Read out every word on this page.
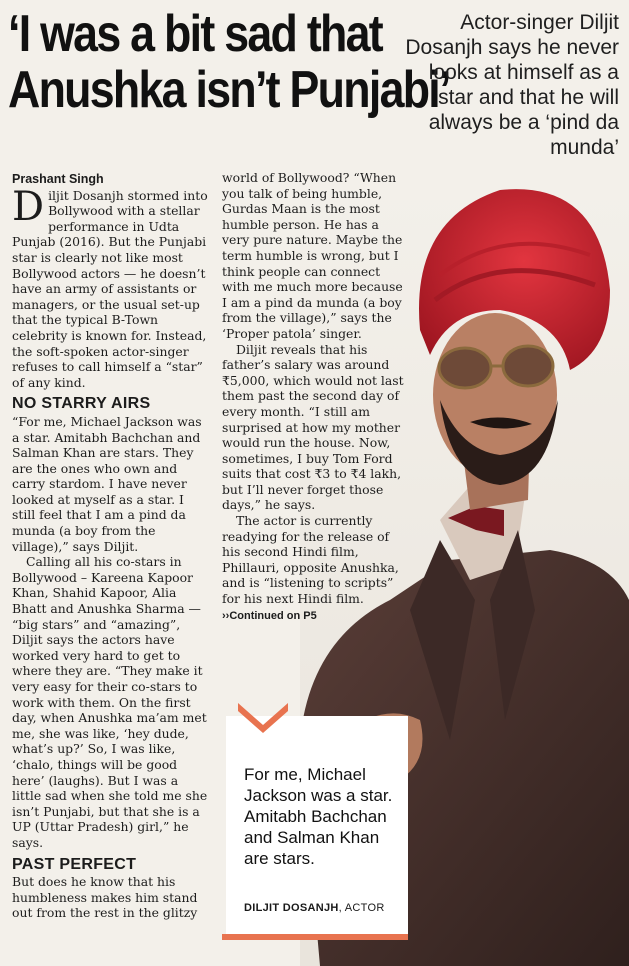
‘I was a bit sad that
Anushka isn’t Punjabi’
Actor-singer Diljit Dosanjh says he never looks at himself as a star and that he will always be a ‘pind da munda’

Prashant Singh

Diljit Dosanjh stormed into Bollywood with a stellar performance in Udta Punjab (2016). But the Punjabi star is clearly not like most Bollywood actors — he doesn’t have an army of assistants or managers, or the usual set-up that the typical B-Town celebrity is known for. Instead, the soft-spoken actor-singer refuses to call himself a “star” of any kind.

NO STARRY AIRS

“For me, Michael Jackson was a star. Amitabh Bachchan and Salman Khan are stars. They are the ones who own and carry stardom. I have never looked at myself as a star. I still feel that I am a pind da munda (a boy from the village),” says Diljit.

Calling all his co-stars in Bollywood – Kareena Kapoor Khan, Shahid Kapoor, Alia Bhatt and Anushka Sharma — “big stars” and “amazing”, Diljit says the actors have worked very hard to get to where they are. “They make it very easy for their co-stars to work with them. On the first day, when Anushka ma’am met me, she was like, ‘hey dude, what’s up?’ So, I was like, ‘chalo, things will be good here’ (laughs). But I was a little sad when she told me she isn’t Punjabi, but that she is a UP (Uttar Pradesh) girl,” he says.

PAST PERFECT

But does he know that his humbleness makes him stand out from the rest in the glitzy

world of Bollywood? “When you talk of being humble, Gurdas Maan is the most humble person. He has a very pure nature. Maybe the term humble is wrong, but I think people can connect with me much more because I am a pind da munda (a boy from the village),” says the ‘Proper patola’ singer.

Diljit reveals that his father’s salary was around ₹5,000, which would not last them past the second day of every month. “I still am surprised at how my mother would run the house. Now, sometimes, I buy Tom Ford suits that cost ₹3 to ₹4 lakh, but I’ll never forget those days,” he says.

The actor is currently readying for the release of his second Hindi film, Phillauri, opposite Anushka, and is “listening to scripts” for his next Hindi film.

››Continued on P5
For me, Michael Jackson was a star. Amitabh Bachchan and Salman Khan are stars.
DILJIT DOSANJH, ACTOR
